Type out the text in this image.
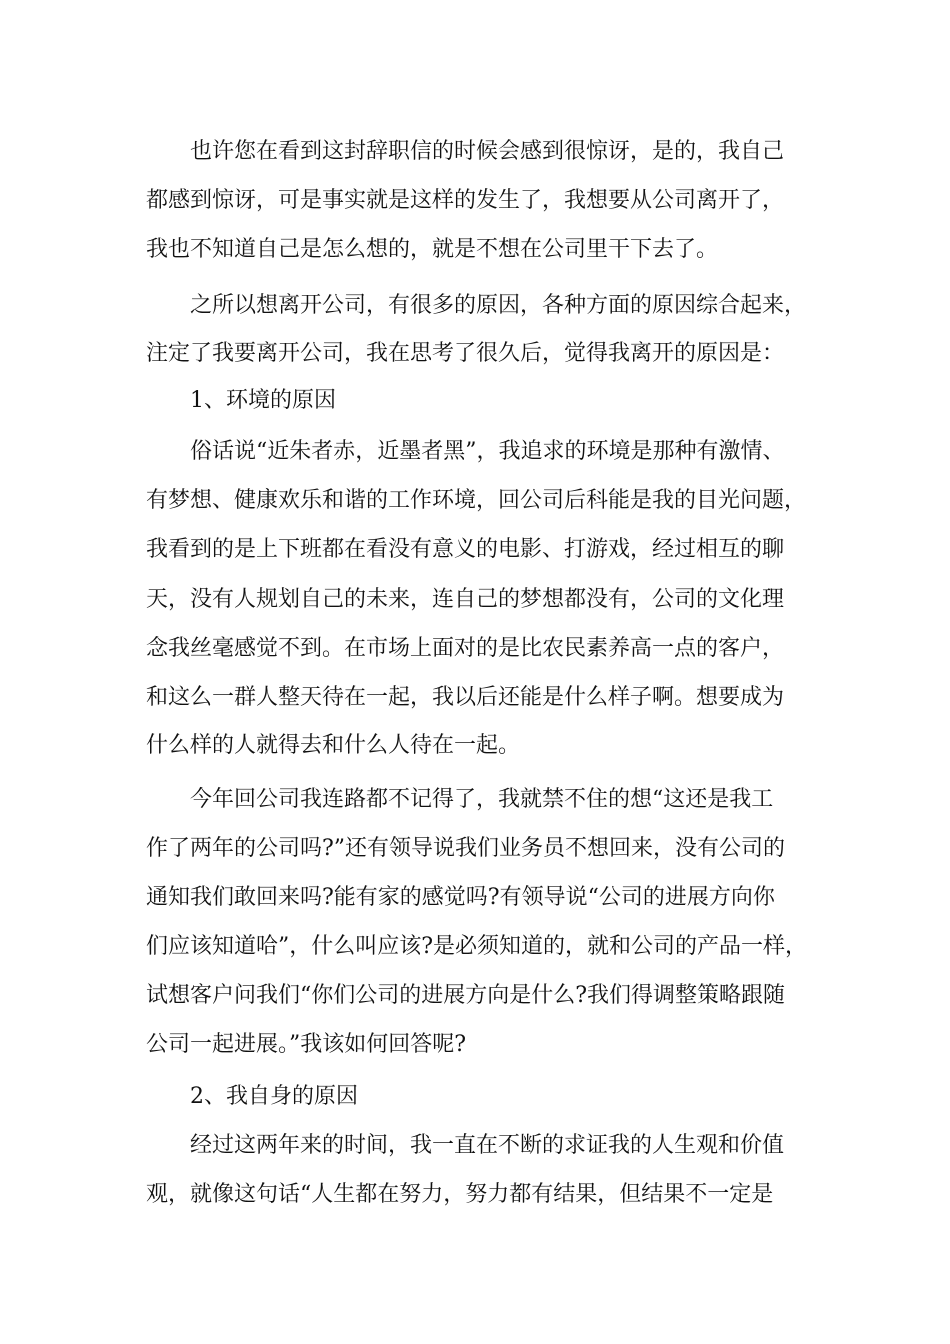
也许您在看到这封辞职信的时候会感到很惊讶，是的，我自己
都感到惊讶，可是事实就是这样的发生了，我想要从公司离开了，
我也不知道自己是怎么想的，就是不想在公司里干下去了。
之所以想离开公司，有很多的原因，各种方面的原因综合起来，
注定了我要离开公司，我在思考了很久后，觉得我离开的原因是：
1、环境的原因
俗话说“近朱者赤，近墨者黑”，我追求的环境是那种有激情、
有梦想、健康欢乐和谐的工作环境，回公司后科能是我的目光问题，
我看到的是上下班都在看没有意义的电影、打游戏，经过相互的聊
天，没有人规划自己的未来，连自己的梦想都没有，公司的文化理
念我丝毫感觉不到。在市场上面对的是比农民素养高一点的客户，
和这么一群人整天待在一起，我以后还能是什么样子啊。想要成为
什么样的人就得去和什么人待在一起。
今年回公司我连路都不记得了，我就禁不住的想“这还是我工
作了两年的公司吗?”还有领导说我们业务员不想回来，没有公司的
通知我们敢回来吗?能有家的感觉吗?有领导说“公司的进展方向你
们应该知道哈”，什么叫应该?是必须知道的，就和公司的产品一样，
试想客户问我们“你们公司的进展方向是什么?我们得调整策略跟随
公司一起进展。”我该如何回答呢?
2、我自身的原因
经过这两年来的时间，我一直在不断的求证我的人生观和价值
观，就像这句话“人生都在努力，努力都有结果，但结果不一定是
